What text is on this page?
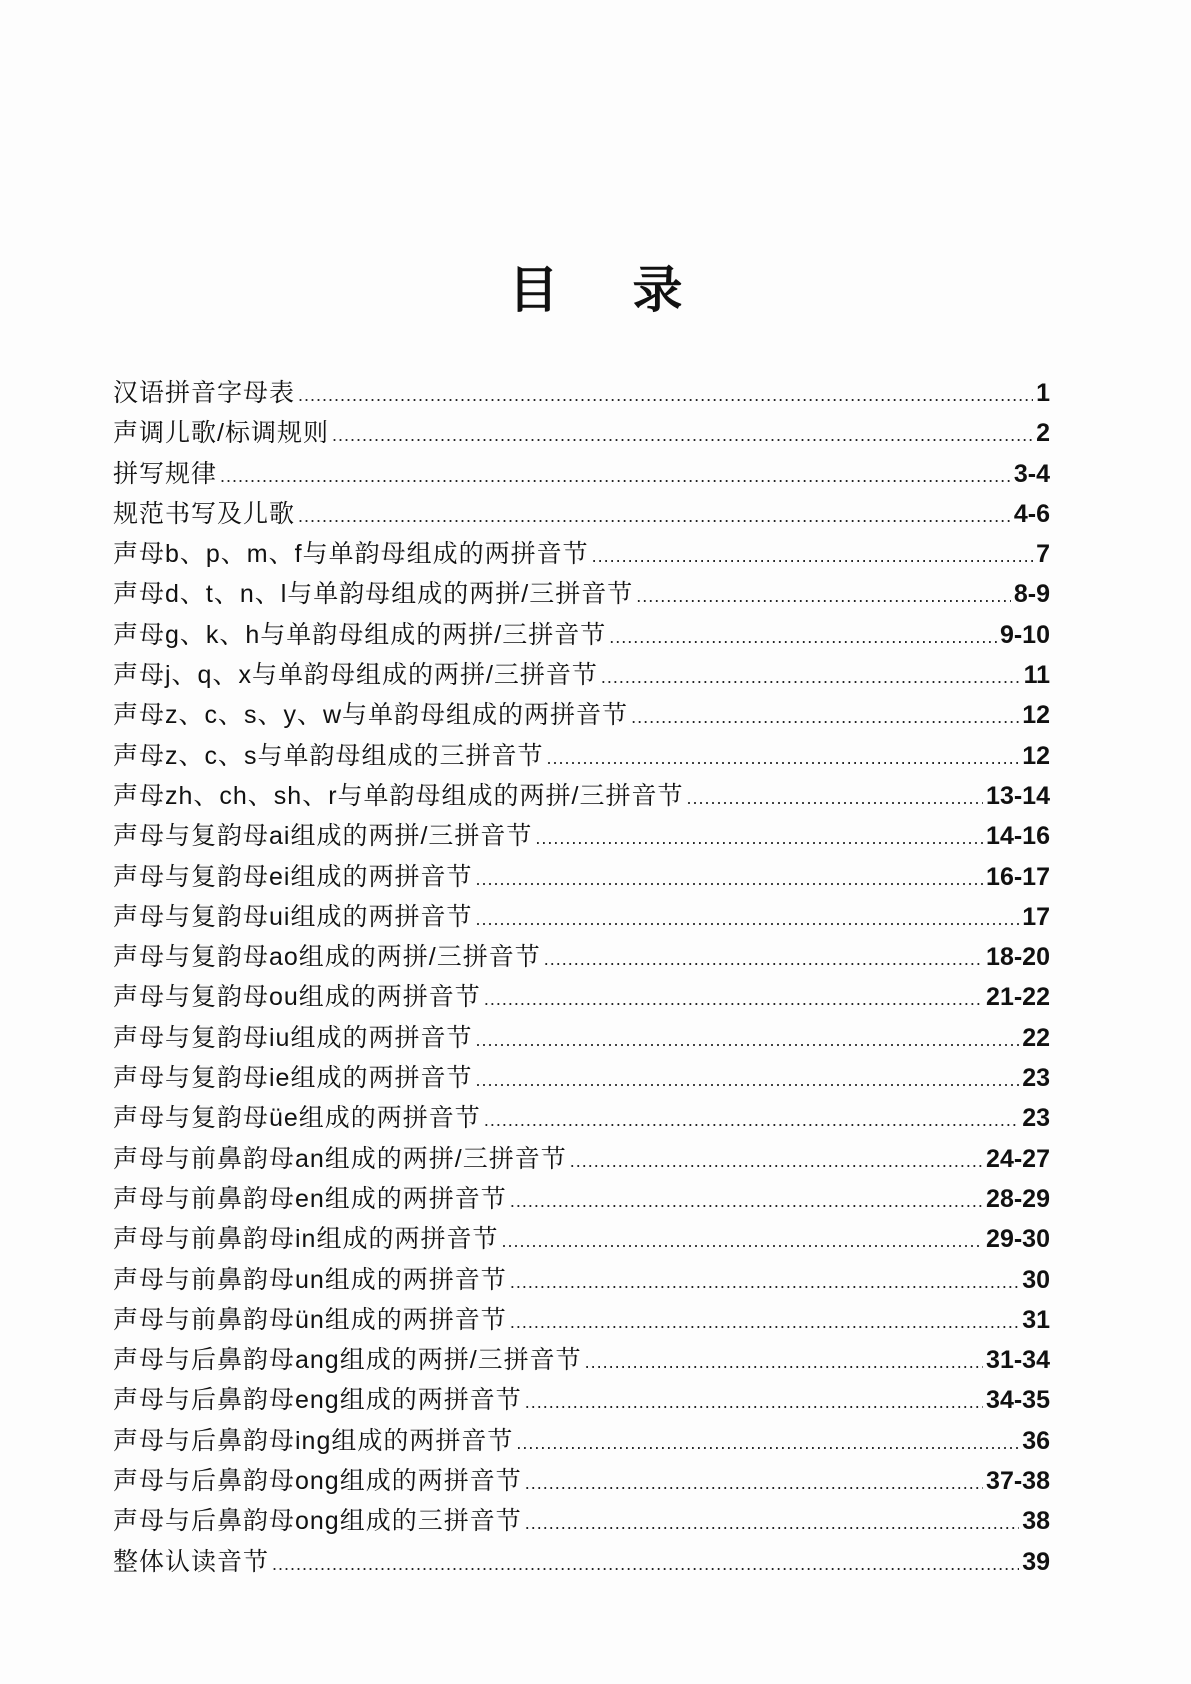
目 录
汉语拼音字母表 .....	1
声调儿歌/标调规则 .....	2
拼写规律 .....	3-4
规范书写及儿歌 .....	4-6
声母b、p、m、f与单韵母组成的两拼音节 .....	7
声母d、t、n、l与单韵母组成的两拼/三拼音节 .....	8-9
声母g、k、h与单韵母组成的两拼/三拼音节 .....	9-10
声母j、q、x与单韵母组成的两拼/三拼音节 .....	11
声母z、c、s、y、w与单韵母组成的两拼音节 .....	12
声母z、c、s与单韵母组成的三拼音节 .....	12
声母zh、ch、sh、r与单韵母组成的两拼/三拼音节 .....	13-14
声母与复韵母ai组成的两拼/三拼音节 .....	14-16
声母与复韵母ei组成的两拼音节 .....	16-17
声母与复韵母ui组成的两拼音节 .....	17
声母与复韵母ao组成的两拼/三拼音节 .....	18-20
声母与复韵母ou组成的两拼音节 .....	21-22
声母与复韵母iu组成的两拼音节 .....	22
声母与复韵母ie组成的两拼音节 .....	23
声母与复韵母üe组成的两拼音节 .....	23
声母与前鼻韵母an组成的两拼/三拼音节 .....	24-27
声母与前鼻韵母en组成的两拼音节 .....	28-29
声母与前鼻韵母in组成的两拼音节 .....	29-30
声母与前鼻韵母un组成的两拼音节 .....	30
声母与前鼻韵母ün组成的两拼音节 .....	31
声母与后鼻韵母ang组成的两拼/三拼音节 .....	31-34
声母与后鼻韵母eng组成的两拼音节 .....	34-35
声母与后鼻韵母ing组成的两拼音节 .....	36
声母与后鼻韵母ong组成的两拼音节 .....	37-38
声母与后鼻韵母ong组成的三拼音节 .....	38
整体认读音节 .....	39
